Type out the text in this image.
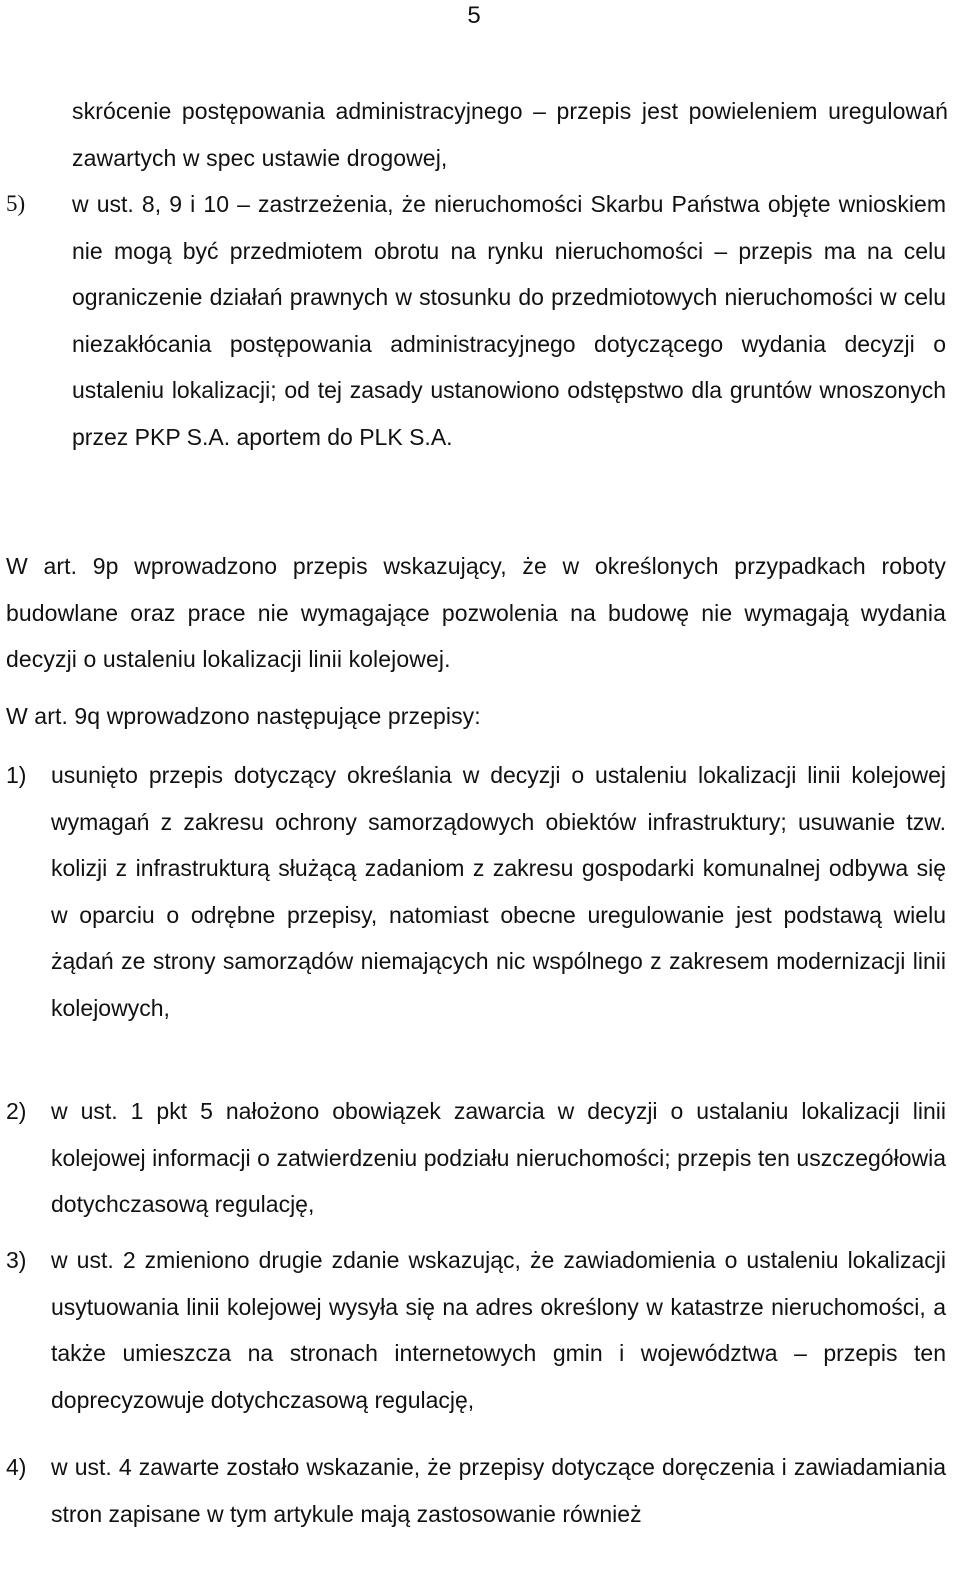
5
skrócenie postępowania administracyjnego – przepis jest powieleniem uregulowań zawartych w spec ustawie drogowej,
5)	w ust. 8, 9 i 10 – zastrzeżenia, że nieruchomości Skarbu Państwa objęte wnioskiem nie mogą być przedmiotem obrotu na rynku nieruchomości – przepis ma na celu ograniczenie działań prawnych w stosunku do przedmiotowych nieruchomości w celu niezakłócania postępowania administracyjnego dotyczącego wydania decyzji o ustaleniu lokalizacji; od tej zasady ustanowiono odstępstwo dla gruntów wnoszonych przez PKP S.A. aportem do PLK S.A.
W art. 9p wprowadzono przepis wskazujący, że w określonych przypadkach roboty budowlane oraz prace nie wymagające pozwolenia na budowę nie wymagają wydania decyzji o ustaleniu lokalizacji linii kolejowej.
W art. 9q wprowadzono następujące przepisy:
1)	usunięto przepis dotyczący określania w decyzji o ustaleniu lokalizacji linii kolejowej wymagań z zakresu ochrony samorządowych obiektów infrastruktury; usuwanie tzw. kolizji z infrastrukturą służącą zadaniom z zakresu gospodarki komunalnej odbywa się w oparciu o odrębne przepisy, natomiast obecne uregulowanie jest podstawą wielu żądań ze strony samorządów niemających nic wspólnego z zakresem modernizacji linii kolejowych,
2)	w ust. 1 pkt 5 nałożono obowiązek zawarcia w decyzji o ustalaniu lokalizacji linii kolejowej informacji o zatwierdzeniu podziału nieruchomości; przepis ten uszczegółowia dotychczasową regulację,
3)	w ust. 2 zmieniono drugie zdanie wskazując, że zawiadomienia o ustaleniu lokalizacji usytuowania linii kolejowej wysyła się na adres określony w katastrze nieruchomości, a także umieszcza na stronach internetowych gmin i województwa – przepis ten doprecyzowuje dotychczasową regulację,
4)	w ust. 4 zawarte zostało wskazanie, że przepisy dotyczące doręczenia i zawiadamiania stron zapisane w tym artykule mają zastosowanie również
